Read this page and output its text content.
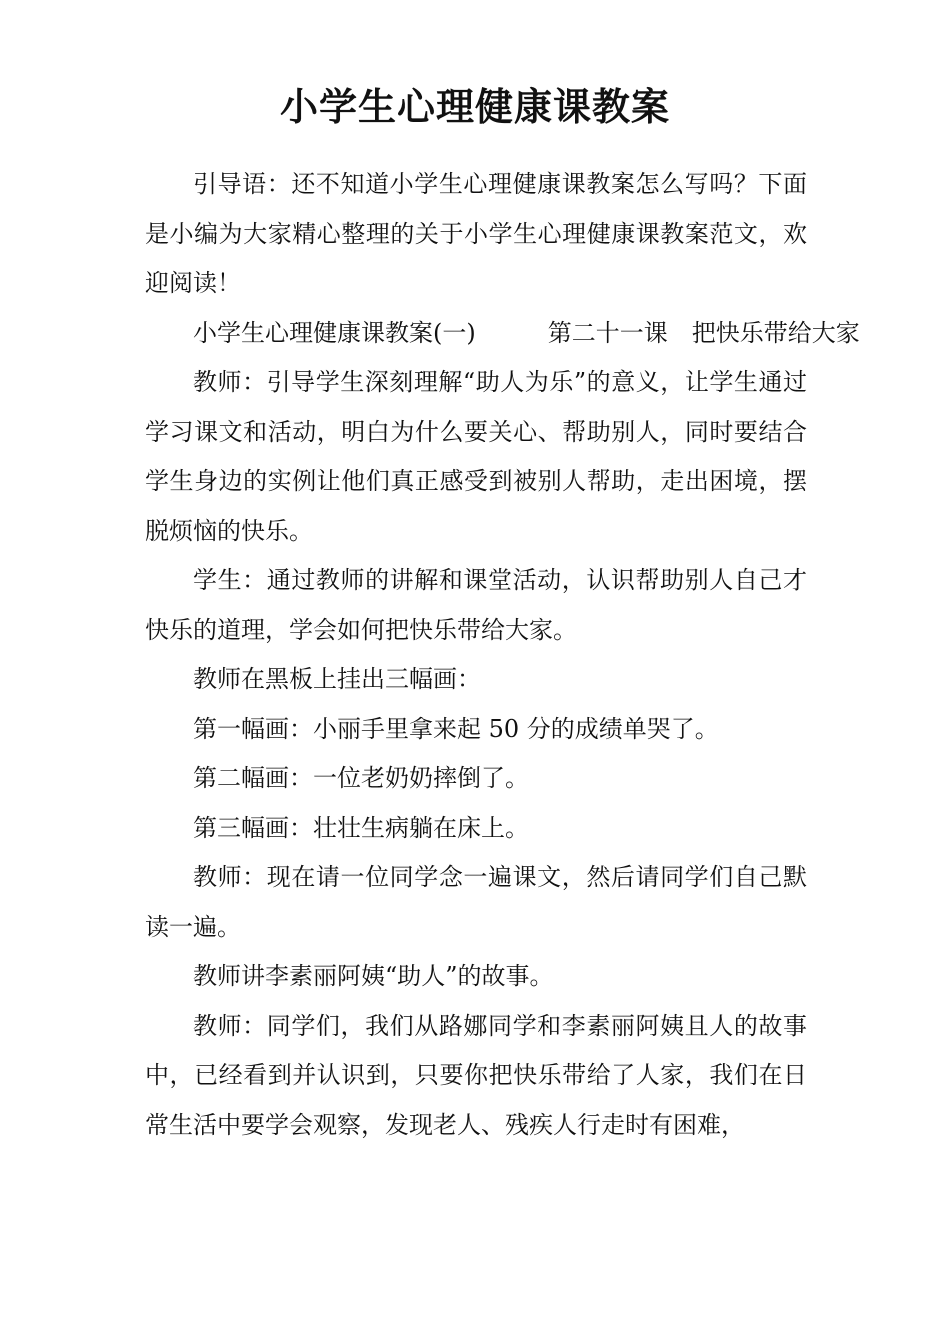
小学生心理健康课教案

引导语：还不知道小学生心理健康课教案怎么写吗？下面是小编为大家精心整理的关于小学生心理健康课教案范文，欢迎阅读！

小学生心理健康课教案(一)　　　第二十一课　把快乐带给大家

教师：引导学生深刻理解“助人为乐”的意义，让学生通过学习课文和活动，明白为什么要关心、帮助别人，同时要结合学生身边的实例让他们真正感受到被别人帮助，走出困境，摆脱烦恼的快乐。

学生：通过教师的讲解和课堂活动，认识帮助别人自己才快乐的道理，学会如何把快乐带给大家。

教师在黑板上挂出三幅画：

第一幅画：小丽手里拿来起 50 分的成绩单哭了。

第二幅画：一位老奶奶摔倒了。

第三幅画：壮壮生病躺在床上。

教师：现在请一位同学念一遍课文，然后请同学们自己默读一遍。

教师讲李素丽阿姨“助人”的故事。

教师：同学们，我们从路娜同学和李素丽阿姨且人的故事中，已经看到并认识到，只要你把快乐带给了人家，我们在日常生活中要学会观察，发现老人、残疾人行走时有困难，
